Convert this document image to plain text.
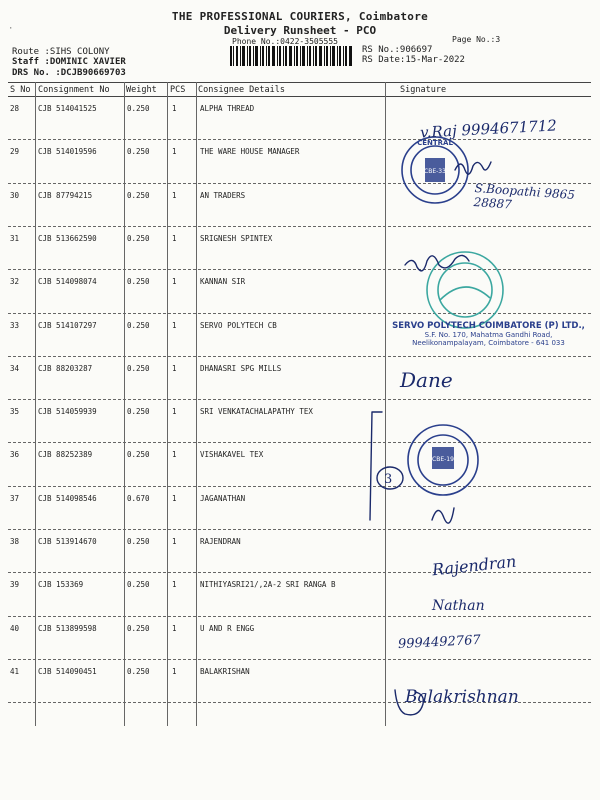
·
THE PROFESSIONAL COURIERS, Coimbatore
Delivery Runsheet - PCO
Phone No.:0422-3505555	Page No.:3
RS No.:906697
RS Date:15-Mar-2022
Route :SIHS COLONY
Staff :DOMINIC XAVIER
DRS No. :DCJB90669703
S No Consignment No Weight PCS Consignee Details	Signature
28	CJB 514041525	0.250	1	ALPHA THREAD
29	CJB 514019596	0.250	1	THE WARE HOUSE MANAGER
30	CJB 87794215	0.250	1	AN TRADERS
31	CJB 513662590	0.250	1	SRIGNESH SPINTEX
32	CJB 514098074	0.250	1	KANNAN SIR
33	CJB 514107297	0.250	1	SERVO POLYTECH CB
34	CJB 88203287	0.250	1	DHANASRI SPG MILLS
35	CJB 514059939	0.250	1	SRI VENKATACHALAPATHY TEX
36	CJB 88252389	0.250	1	VISHAKAVEL TEX
37	CJB 514098546	0.670	1	JAGANATHAN
38	CJB 513914670	0.250	1	RAJENDRAN
39	CJB 153369	0.250	1	NITHIYASRI21/,2A-2 SRI RANGA B
40	CJB 513899598	0.250	1	U AND R ENGG
41	CJB 514090451	0.250	1	BALAKRISHAN
CENTRAL
CBE-33
CBE-19
3
SERVO POLYTECH COIMBATORE (P) LTD.,
S.F. No. 170, Mahatma Gandhi Road,
Neelikonampalayam, Coimbatore - 641 033
v.Raj 9994671712
S.Boopathi 9865 28887
Dane
Rajendran
Nathan
9994492767
Balakrishnan
